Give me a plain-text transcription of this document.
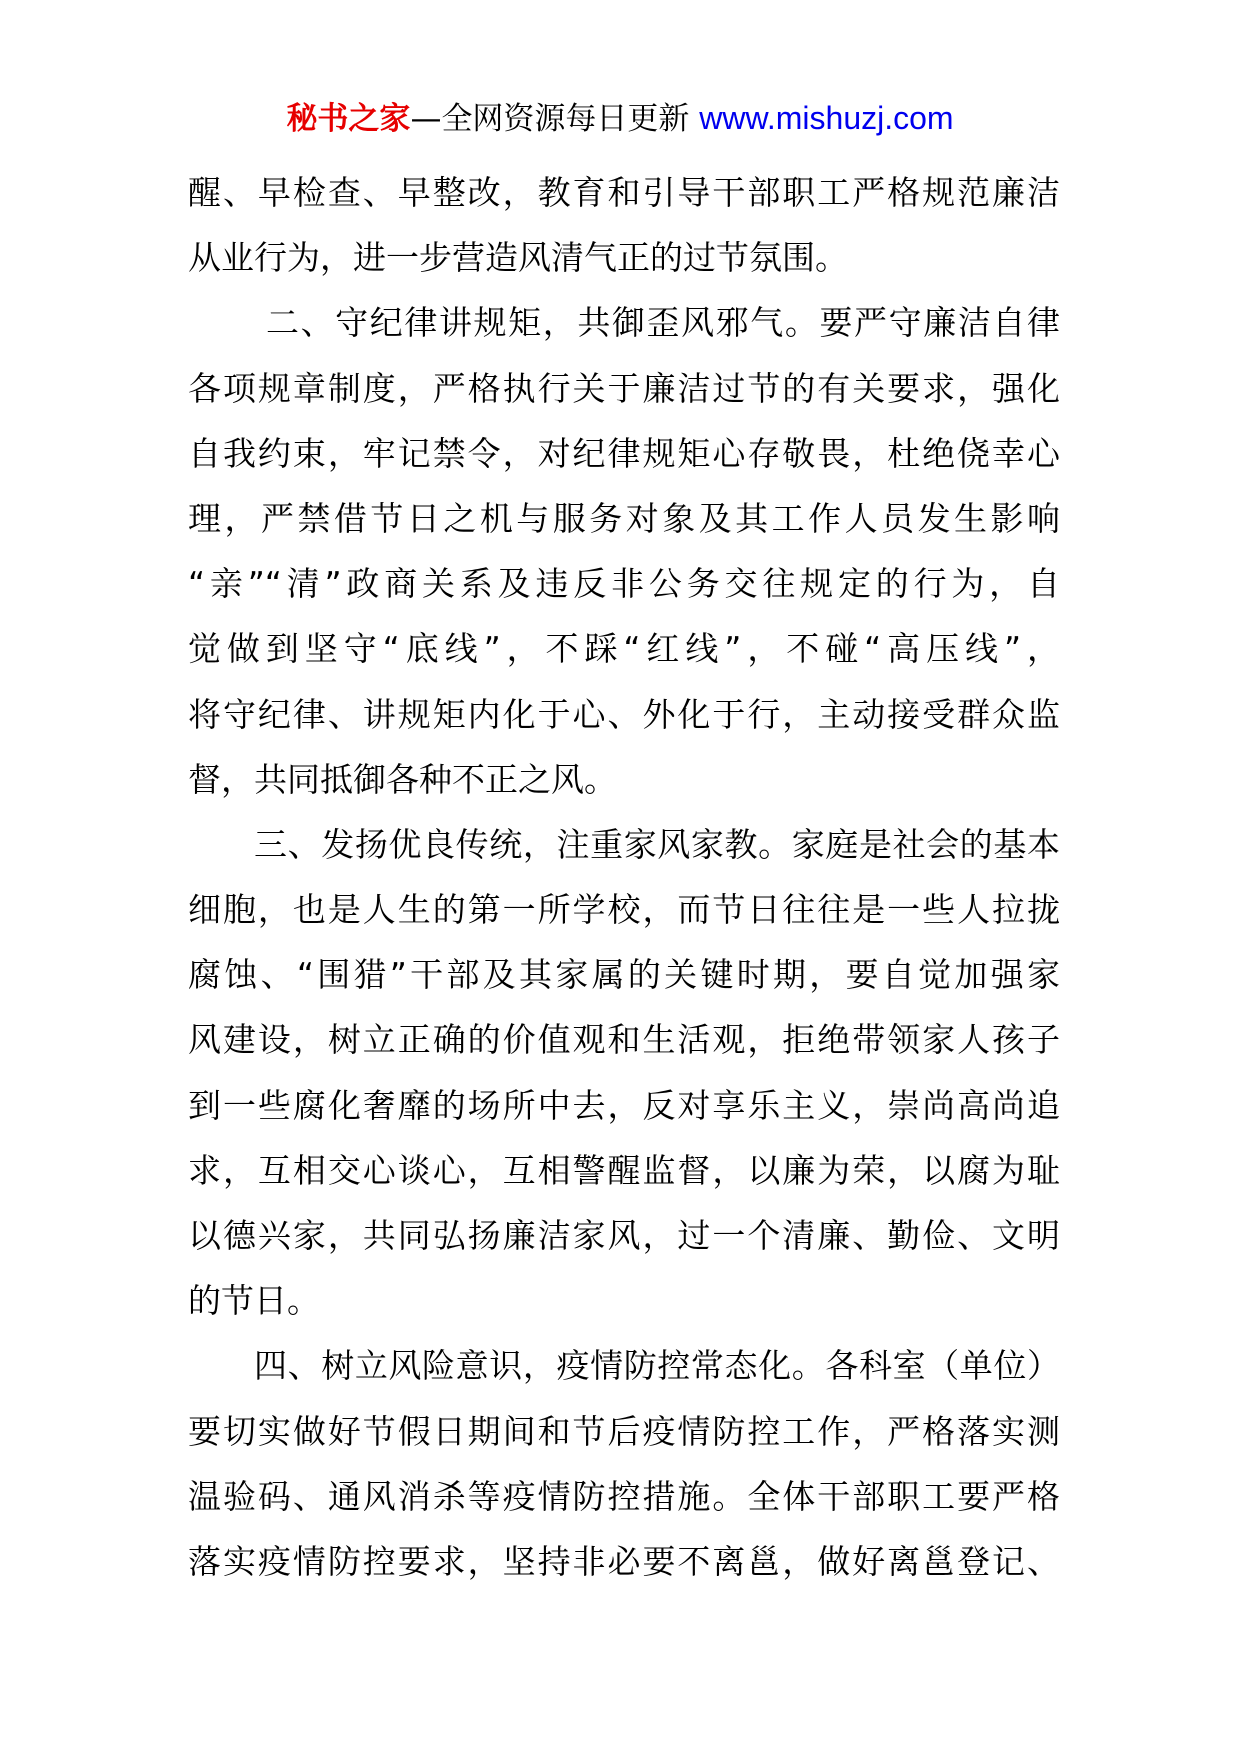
秘书之家—全网资源每日更新 www.mishuzj.com
醒、早检查、早整改，教育和引导干部职工严格规范廉洁
从业行为，进一步营造风清气正的过节氛围。
二、守纪律讲规矩，共御歪风邪气。要严守廉洁自律
各项规章制度，严格执行关于廉洁过节的有关要求，强化
自我约束，牢记禁令，对纪律规矩心存敬畏，杜绝侥幸心
理，严禁借节日之机与服务对象及其工作人员发生影响
“亲”“清”政商关系及违反非公务交往规定的行为，自
觉做到坚守“底线”，不踩“红线”，不碰“高压线”，
将守纪律、讲规矩内化于心、外化于行，主动接受群众监
督，共同抵御各种不正之风。
三、发扬优良传统，注重家风家教。家庭是社会的基本
细胞，也是人生的第一所学校，而节日往往是一些人拉拢
腐蚀、“围猎”干部及其家属的关键时期，要自觉加强家
风建设，树立正确的价值观和生活观，拒绝带领家人孩子
到一些腐化奢靡的场所中去，反对享乐主义，崇尚高尚追
求，互相交心谈心，互相警醒监督，以廉为荣，以腐为耻
以德兴家，共同弘扬廉洁家风，过一个清廉、勤俭、文明
的节日。
四、树立风险意识，疫情防控常态化。各科室（单位）
要切实做好节假日期间和节后疫情防控工作，严格落实测
温验码、通风消杀等疫情防控措施。全体干部职工要严格
落实疫情防控要求，坚持非必要不离邕，做好离邕登记、
